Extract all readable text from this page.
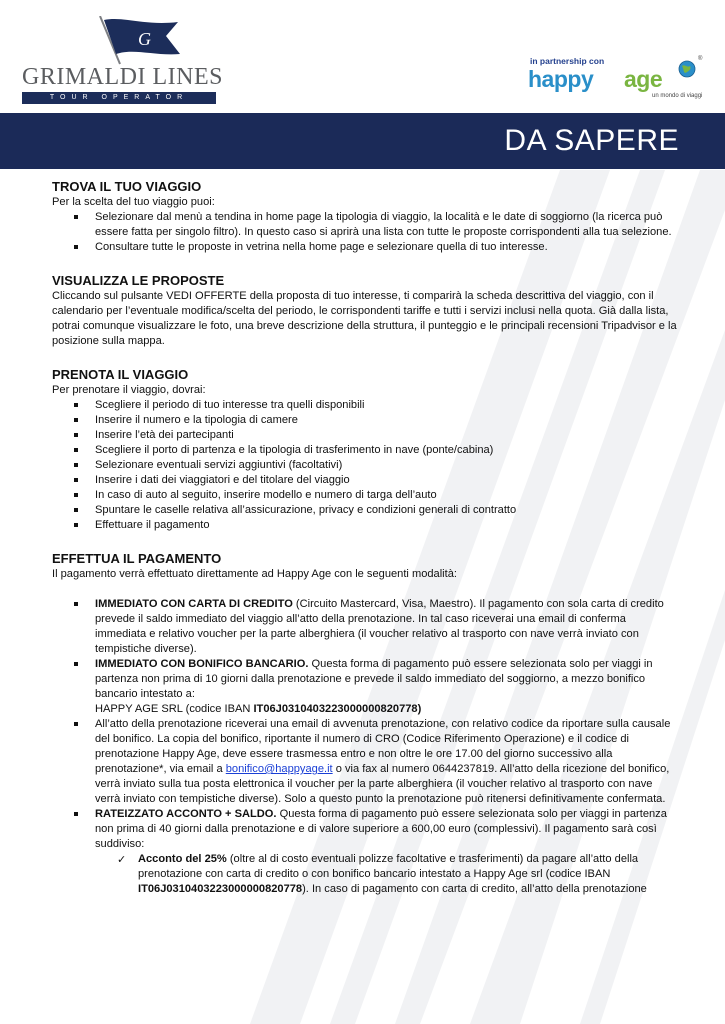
G
GRIMALDI LINES
TOUR OPERATOR
in partnership con
happy age
®
un mondo di viaggi
DA SAPERE
TROVA IL TUO VIAGGIO

Per la scelta del tuo viaggio puoi:

Selezionare dal menù a tendina in home page la tipologia di viaggio, la località e le date di soggiorno (la ricerca può essere fatta per singolo filtro). In questo caso si aprirà una lista con tutte le proposte corrispondenti alla tua selezione.
Consultare tutte le proposte in vetrina nella home page e selezionare quella di tuo interesse.
VISUALIZZA LE PROPOSTE

Cliccando sul pulsante VEDI OFFERTE della proposta di tuo interesse, ti comparirà la scheda descrittiva del viaggio, con il calendario per l’eventuale modifica/scelta del periodo, le corrispondenti tariffe e tutti i servizi inclusi nella quota. Già dalla lista, potrai comunque visualizzare le foto, una breve descrizione della struttura, il punteggio e le principali recensioni Tripadvisor e la posizione sulla mappa.

PRENOTA IL VIAGGIO

Per prenotare il viaggio, dovrai:

Scegliere il periodo di tuo interesse tra quelli disponibili
Inserire il numero e la tipologia di camere
Inserire l’età dei partecipanti
Scegliere il porto di partenza e la tipologia di trasferimento in nave (ponte/cabina)
Selezionare eventuali servizi aggiuntivi (facoltativi)
Inserire i dati dei viaggiatori e del titolare del viaggio
In caso di auto al seguito, inserire modello e numero di targa dell’auto
Spuntare le caselle relativa all’assicurazione, privacy e condizioni generali di contratto
Effettuare il pagamento
EFFETTUA IL PAGAMENTO

Il pagamento verrà effettuato direttamente ad Happy Age con le seguenti modalità:

IMMEDIATO CON CARTA DI CREDITO (Circuito Mastercard, Visa, Maestro). Il pagamento con sola carta di credito prevede il saldo immediato del viaggio all’atto della prenotazione. In tal caso riceverai una email di conferma immediata e relativo voucher per la parte alberghiera (il voucher relativo al trasporto con nave verrà inviato con tempistiche diverse).
IMMEDIATO CON BONIFICO BANCARIO. Questa forma di pagamento può essere selezionata solo per viaggi in partenza non prima di 10 giorni dalla prenotazione e prevede il saldo immediato del soggiorno, a mezzo bonifico bancario intestato a:
HAPPY AGE SRL (codice IBAN IT06J0310403223000000820778)
All’atto della prenotazione riceverai una email di avvenuta prenotazione, con relativo codice da riportare sulla causale del bonifico. La copia del bonifico, riportante il numero di CRO (Codice Riferimento Operazione) e il codice di prenotazione Happy Age, deve essere trasmessa entro e non oltre le ore 17.00 del giorno successivo alla prenotazione*, via email a bonifico@happyage.it o via fax al numero 0644237819. All’atto della ricezione del bonifico, verrà inviato sulla tua posta elettronica il voucher per la parte alberghiera (il voucher relativo al trasporto con nave verrà inviato con tempistiche diverse). Solo a questo punto la prenotazione può ritenersi definitivamente confermata.
RATEIZZATO ACCONTO + SALDO. Questa forma di pagamento può essere selezionata solo per viaggi in partenza non prima di 40 giorni dalla prenotazione e di valore superiore a 600,00 euro (complessivi). Il pagamento sarà così suddiviso:
✓ Acconto del 25% (oltre al di costo eventuali polizze facoltative e trasferimenti) da pagare all’atto della prenotazione con carta di credito o con bonifico bancario intestato a Happy Age srl (codice IBAN IT06J0310403223000000820778). In caso di pagamento con carta di credito, all’atto della prenotazione
